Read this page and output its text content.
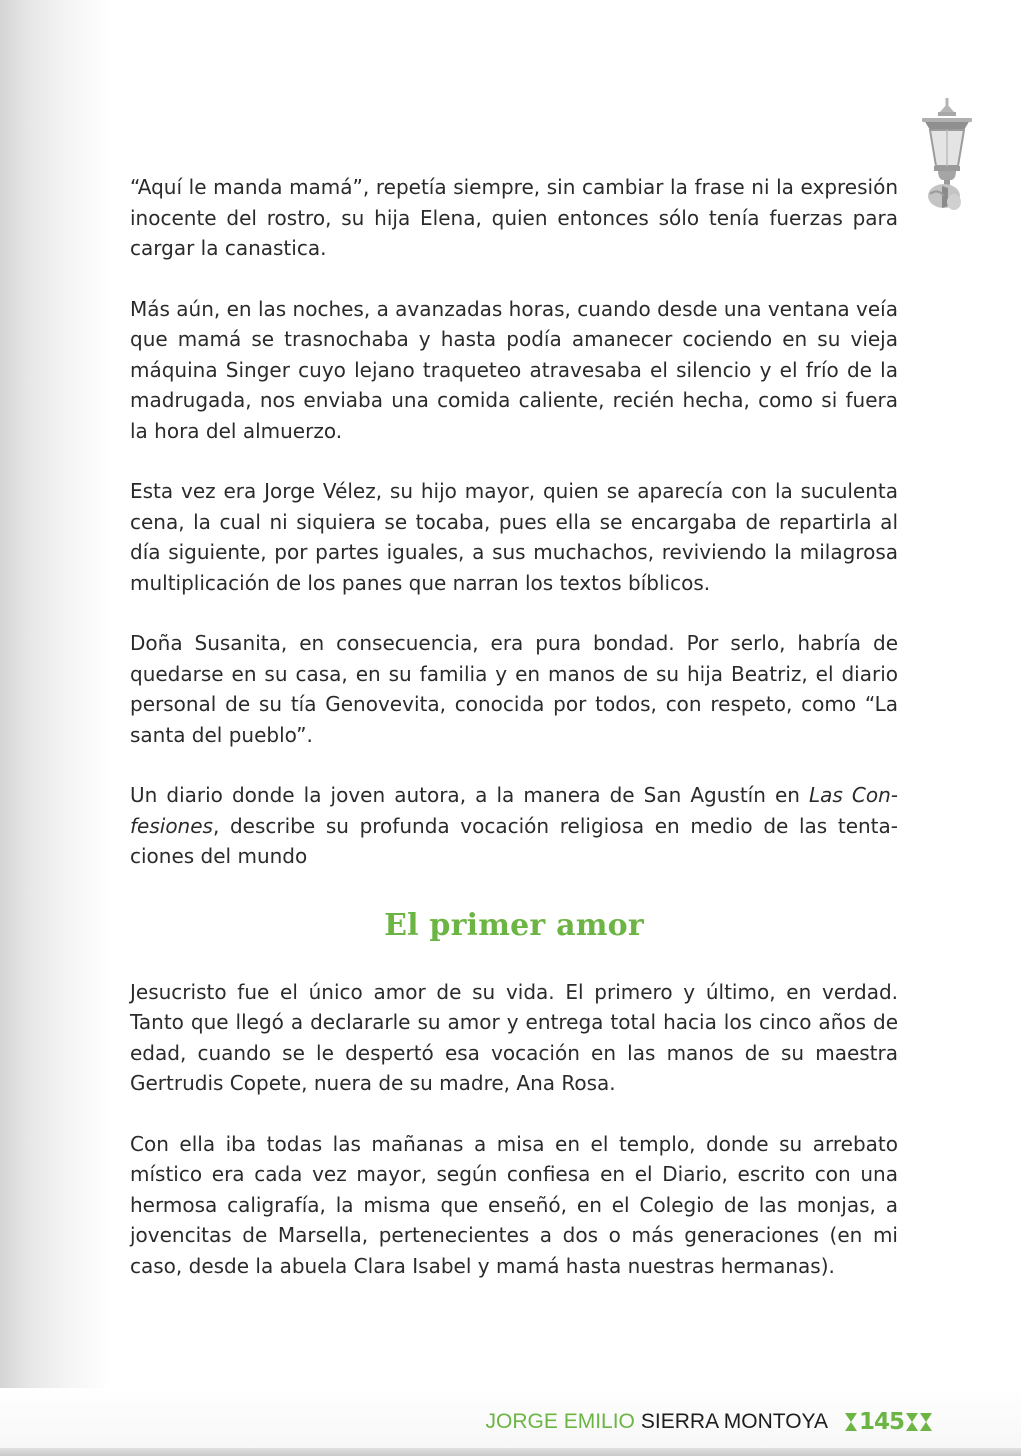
“Aquí le manda mamá”, repetía siempre, sin cambiar la frase ni la expresión inocente del rostro, su hija Elena, quien entonces sólo tenía fuerzas para cargar la canastica.

Más aún, en las noches, a avanzadas horas, cuando desde una ventana veía que mamá se trasnochaba y hasta podía amanecer cociendo en su vieja máquina Singer cuyo lejano traqueteo atravesaba el silencio y el frío de la madrugada, nos enviaba una comida caliente, recién hecha, como si fuera la hora del almuerzo.

Esta vez era Jorge Vélez, su hijo mayor, quien se aparecía con la suculenta cena, la cual ni siquiera se tocaba, pues ella se encargaba de repartirla al día siguiente, por partes iguales, a sus muchachos, reviviendo la milagrosa multiplicación de los panes que narran los textos bíblicos.

Doña Susanita, en consecuencia, era pura bondad. Por serlo, habría de quedarse en su casa, en su familia y en manos de su hija Beatriz, el diario personal de su tía Genovevita, conocida por todos, con respeto, como “La santa del pueblo”.

Un diario donde la joven autora, a la manera de San Agustín en Las Confesiones, describe su profunda vocación religiosa en medio de las tentaciones del mundo

El primer amor

Jesucristo fue el único amor de su vida. El primero y último, en verdad. Tanto que llegó a declararle su amor y entrega total hacia los cinco años de edad, cuando se le despertó esa vocación en las manos de su maestra Gertrudis Copete, nuera de su madre, Ana Rosa.

Con ella iba todas las mañanas a misa en el templo, donde su arrebato místico era cada vez mayor, según confiesa en el Diario, escrito con una hermosa caligrafía, la misma que enseñó, en el Colegio de las monjas, a jovencitas de Marsella, pertenecientes a dos o más generaciones (en mi caso, desde la abuela Clara Isabel y mamá hasta nuestras hermanas).

JORGE EMILIO SIERRA MONTOYA 145
